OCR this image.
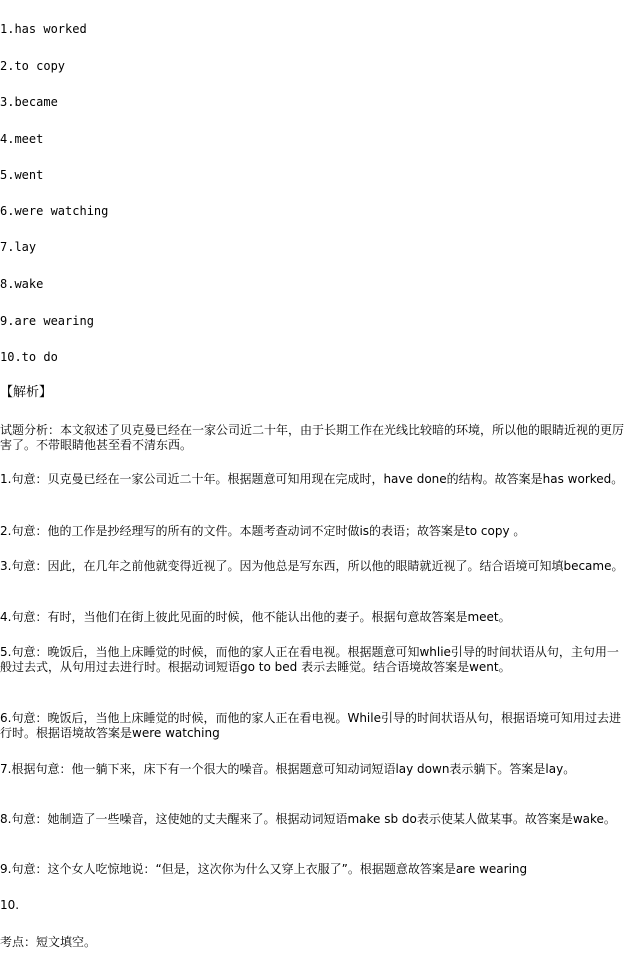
1.has worked
2.to copy
3.became
4.meet
5.went
6.were watching
7.lay
8.wake
9.are wearing
10.to do
【解析】
试题分析：本文叙述了贝克曼已经在一家公司近二十年，由于长期工作在光线比较暗的环境，所以他的眼睛近视的更厉害了。不带眼睛他甚至看不清东西。
1.句意：贝克曼已经在一家公司近二十年。根据题意可知用现在完成时，have done的结构。故答案是has worked。
2.句意：他的工作是抄经理写的所有的文件。本题考查动词不定时做is的表语；故答案是to copy 。
3.句意：因此，在几年之前他就变得近视了。因为他总是写东西，所以他的眼睛就近视了。结合语境可知填became。
4.句意：有时，当他们在街上彼此见面的时候，他不能认出他的妻子。根据句意故答案是meet。
5.句意：晚饭后，当他上床睡觉的时候，而他的家人正在看电视。根据题意可知whlie引导的时间状语从句，主句用一般过去式，从句用过去进行时。根据动词短语go to bed 表示去睡觉。结合语境故答案是went。
6.句意：晚饭后，当他上床睡觉的时候，而他的家人正在看电视。While引导的时间状语从句，根据语境可知用过去进行时。根据语境故答案是were watching
7.根据句意：他一躺下来，床下有一个很大的噪音。根据题意可知动词短语lay down表示躺下。答案是lay。
8.句意：她制造了一些噪音，这使她的丈夫醒来了。根据动词短语make sb do表示使某人做某事。故答案是wake。
9.句意：这个女人吃惊地说：“但是，这次你为什么又穿上衣服了”。根据题意故答案是are wearing
10.
考点：短文填空。
